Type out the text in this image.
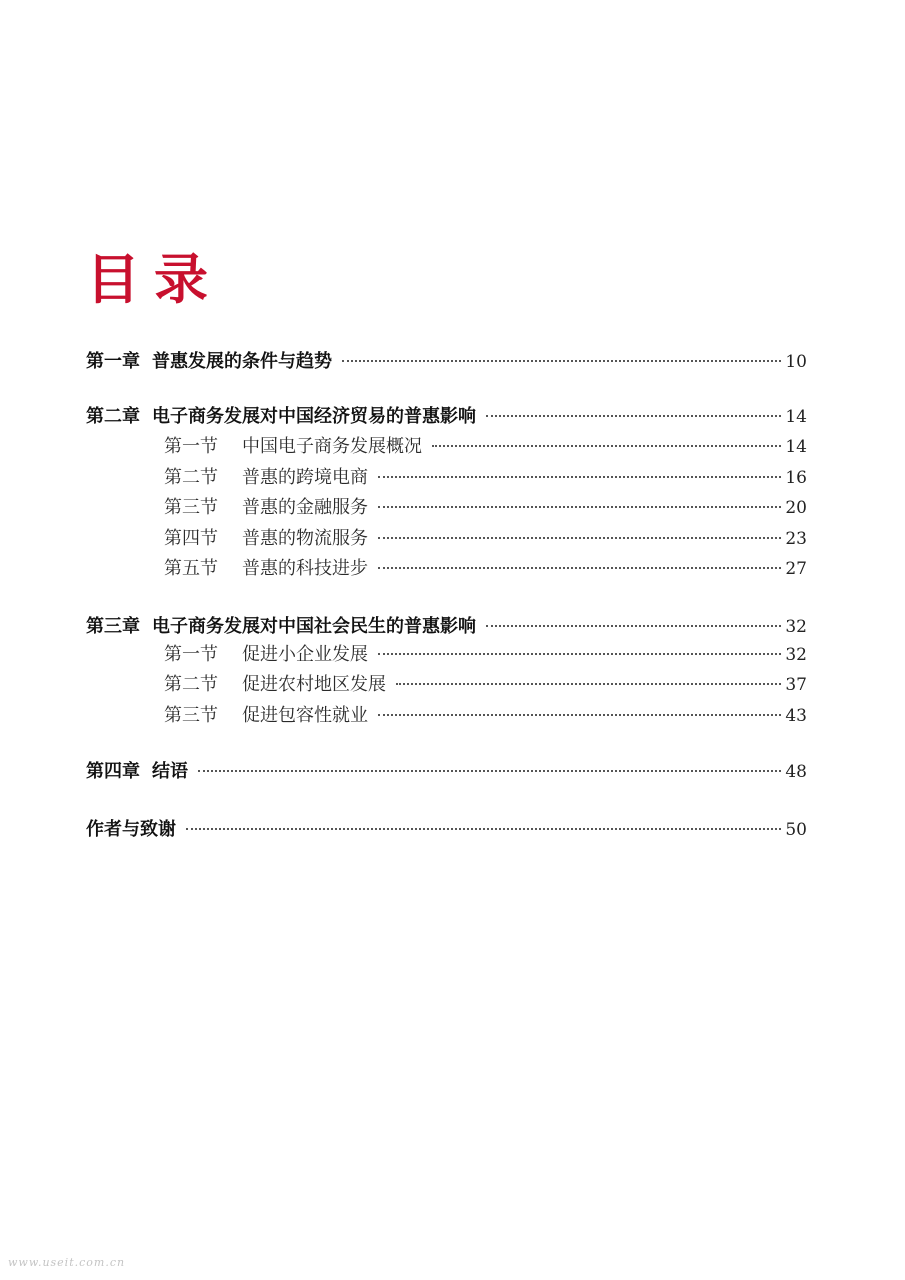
目录
第一章 普惠发展的条件与趋势	10
第二章 电子商务发展对中国经济贸易的普惠影响	14
第一节 中国电子商务发展概况	14
第二节 普惠的跨境电商	16
第三节 普惠的金融服务	20
第四节 普惠的物流服务	23
第五节 普惠的科技进步	27
第三章 电子商务发展对中国社会民生的普惠影响	32
第一节 促进小企业发展	32
第二节 促进农村地区发展	37
第三节 促进包容性就业	43
第四章 结语	48
作者与致谢	50
www.useit.com.cn
